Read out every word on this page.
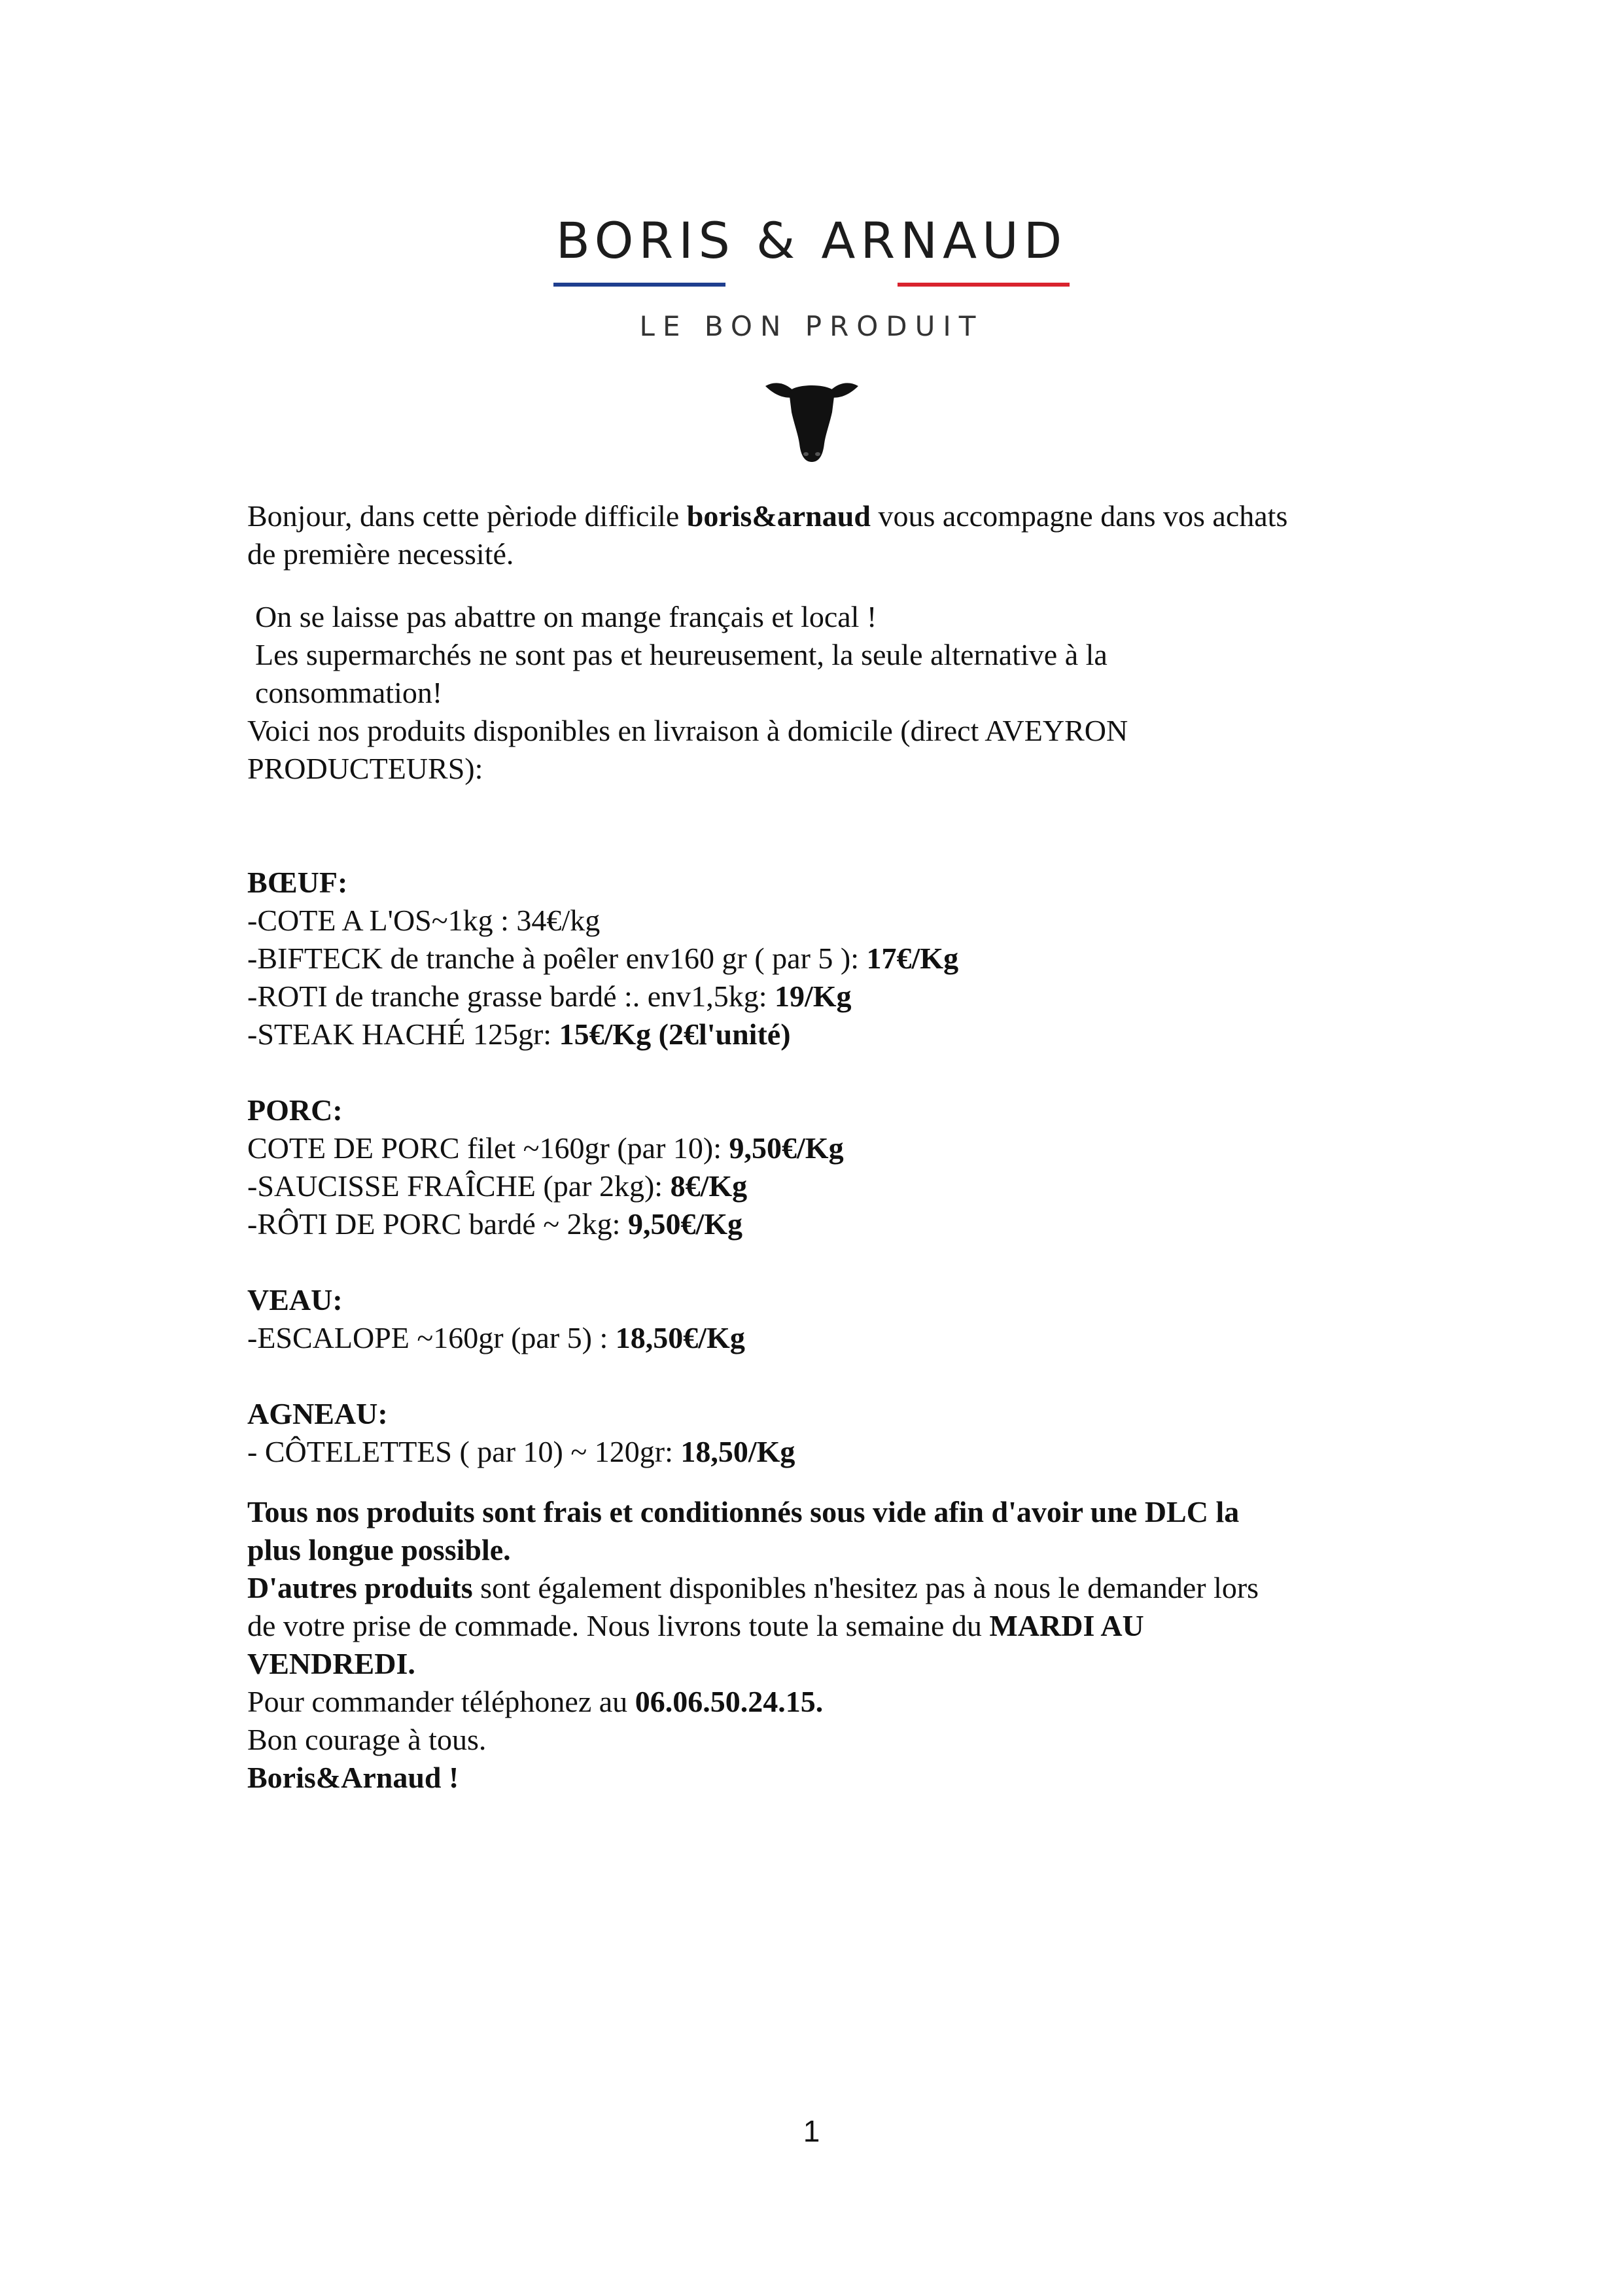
BORIS & ARNAUD
LE BON PRODUIT

Bonjour, dans cette pèriode difficile boris&arnaud vous accompagne dans vos achats
de première necessité.

On se laisse pas abattre on mange français et local !

Les supermarchés ne sont pas et heureusement, la seule alternative à la
consommation!

Voici nos produits disponibles en livraison à domicile (direct AVEYRON
PRODUCTEURS):

BŒUF:

-COTE A L'OS~1kg : 34€/kg

-BIFTECK de tranche à poêler env160 gr ( par 5 ): 17€/Kg

-ROTI de tranche grasse bardé :. env1,5kg: 19/Kg

-STEAK HACHÉ 125gr: 15€/Kg (2€l'unité)

PORC:

COTE DE PORC filet ~160gr (par 10): 9,50€/Kg

-SAUCISSE FRAÎCHE (par 2kg): 8€/Kg

-RÔTI DE PORC bardé ~ 2kg: 9,50€/Kg

VEAU:

-ESCALOPE ~160gr (par 5) : 18,50€/Kg

AGNEAU:

- CÔTELETTES ( par 10) ~ 120gr: 18,50/Kg

Tous nos produits sont frais et conditionnés sous vide afin d'avoir une DLC la
plus longue possible.

D'autres produits sont également disponibles n'hesitez pas à nous le demander lors
de votre prise de commade. Nous livrons toute la semaine du MARDI AU
VENDREDI.

Pour commander téléphonez au 06.06.50.24.15.

Bon courage à tous.

Boris&Arnaud !

1
